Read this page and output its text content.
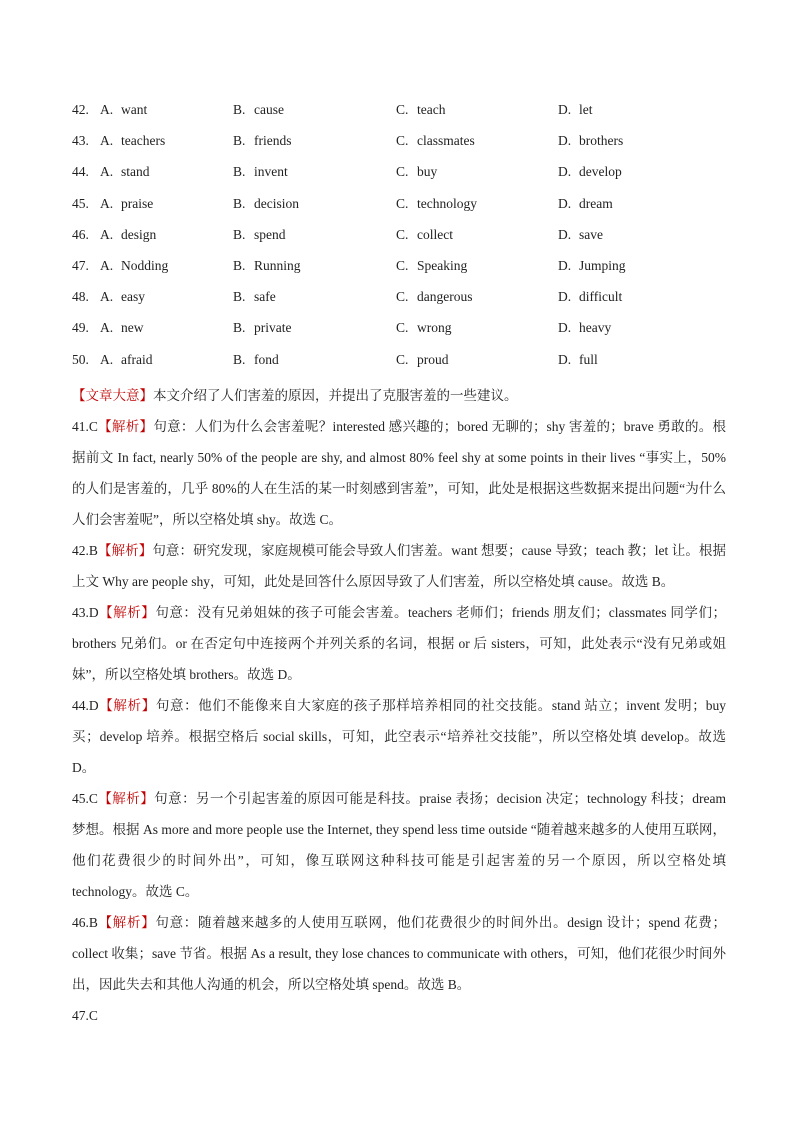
42. A. want	B. cause	C. teach	D. let
43. A. teachers	B. friends	C. classmates	D. brothers
44. A. stand	B. invent	C. buy	D. develop
45. A. praise	B. decision	C. technology	D. dream
46. A. design	B. spend	C. collect	D. save
47. A. Nodding	B. Running	C. Speaking	D. Jumping
48. A. easy	B. safe	C. dangerous	D. difficult
49. A. new	B. private	C. wrong	D. heavy
50. A. afraid	B. fond	C. proud	D. full

【文章大意】本文介绍了人们害羞的原因，并提出了克服害羞的一些建议。

41.C【解析】句意：人们为什么会害羞呢？interested 感兴趣的；bored 无聊的；shy 害羞的；brave 勇敢的。根据前文 In fact, nearly 50% of the people are shy, and almost 80% feel shy at some points in their lives “事实上，50%的人们是害羞的，几乎 80%的人在生活的某一时刻感到害羞”，可知，此处是根据这些数据来提出问题“为什么人们会害羞呢”，所以空格处填 shy。故选 C。

42.B【解析】句意：研究发现，家庭规模可能会导致人们害羞。want 想要；cause 导致；teach 教；let 让。根据上文 Why are people shy，可知，此处是回答什么原因导致了人们害羞，所以空格处填 cause。故选 B。

43.D【解析】句意：没有兄弟姐妹的孩子可能会害羞。teachers 老师们；friends 朋友们；classmates 同学们；brothers 兄弟们。or 在否定句中连接两个并列关系的名词，根据 or 后 sisters，可知，此处表示“没有兄弟或姐妹”，所以空格处填 brothers。故选 D。

44.D【解析】句意：他们不能像来自大家庭的孩子那样培养相同的社交技能。stand 站立；invent 发明；buy 买；develop 培养。根据空格后 social skills，可知，此空表示“培养社交技能”，所以空格处填 develop。故选 D。

45.C【解析】句意：另一个引起害羞的原因可能是科技。praise 表扬；decision 决定；technology 科技；dream 梦想。根据 As more and more people use the Internet, they spend less time outside “随着越来越多的人使用互联网，他们花费很少的时间外出”，可知，像互联网这种科技可能是引起害羞的另一个原因，所以空格处填 technology。故选 C。

46.B【解析】句意：随着越来越多的人使用互联网，他们花费很少的时间外出。design 设计；spend 花费；collect 收集；save 节省。根据 As a result, they lose chances to communicate with others，可知，他们花很少时间外出，因此失去和其他人沟通的机会，所以空格处填 spend。故选 B。

47.C
